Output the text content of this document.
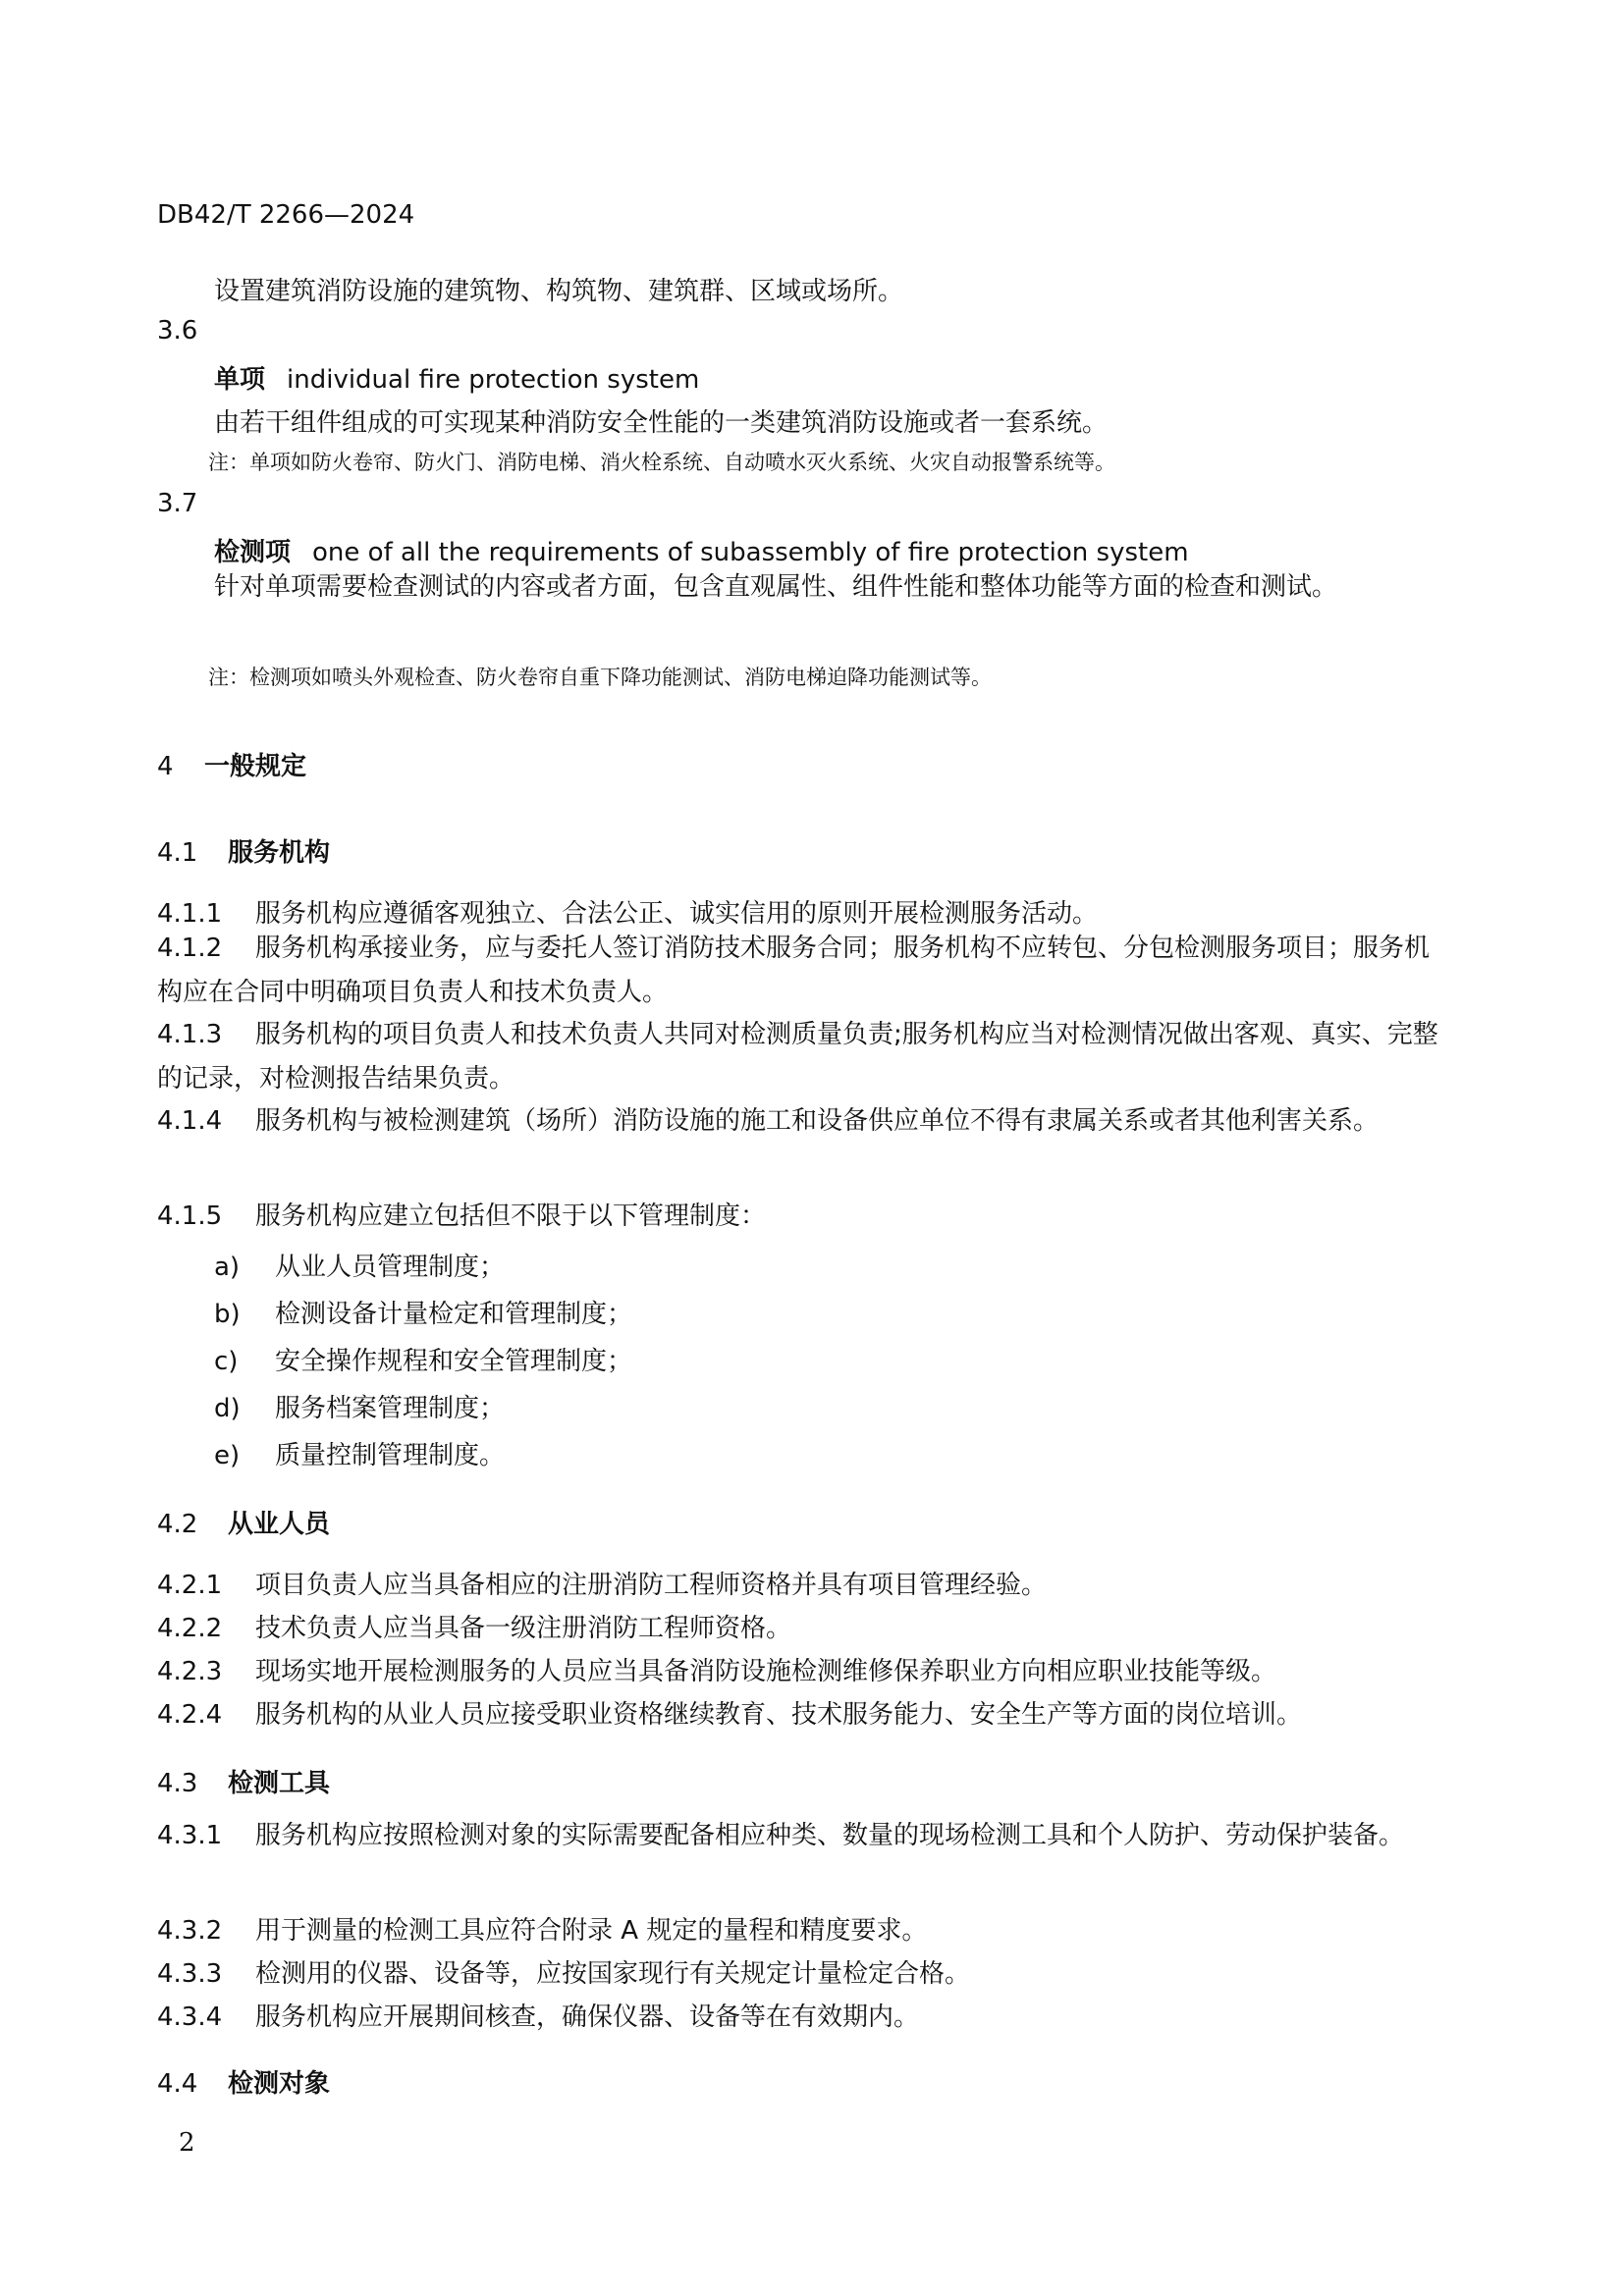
DB42/T 2266—2024
设置建筑消防设施的建筑物、构筑物、建筑群、区域或场所。
3.6
单项 individual fire protection system
由若干组件组成的可实现某种消防安全性能的一类建筑消防设施或者一套系统。
注：单项如防火卷帘、防火门、消防电梯、消火栓系统、自动喷水灭火系统、火灾自动报警系统等。
3.7
检测项 one of all the requirements of subassembly of fire protection system
针对单项需要检查测试的内容或者方面，包含直观属性、组件性能和整体功能等方面的检查和测试。
注：检测项如喷头外观检查、防火卷帘自重下降功能测试、消防电梯迫降功能测试等。
4 一般规定
4.1 服务机构
4.1.1 服务机构应遵循客观独立、合法公正、诚实信用的原则开展检测服务活动。
4.1.2 服务机构承接业务，应与委托人签订消防技术服务合同；服务机构不应转包、分包检测服务项目；服务机构应在合同中明确项目负责人和技术负责人。
4.1.3 服务机构的项目负责人和技术负责人共同对检测质量负责;服务机构应当对检测情况做出客观、真实、完整的记录，对检测报告结果负责。
4.1.4 服务机构与被检测建筑（场所）消防设施的施工和设备供应单位不得有隶属关系或者其他利害关系。
4.1.5 服务机构应建立包括但不限于以下管理制度：
a) 从业人员管理制度；
b) 检测设备计量检定和管理制度；
c) 安全操作规程和安全管理制度；
d) 服务档案管理制度；
e) 质量控制管理制度。
4.2 从业人员
4.2.1 项目负责人应当具备相应的注册消防工程师资格并具有项目管理经验。
4.2.2 技术负责人应当具备一级注册消防工程师资格。
4.2.3 现场实地开展检测服务的人员应当具备消防设施检测维修保养职业方向相应职业技能等级。
4.2.4 服务机构的从业人员应接受职业资格继续教育、技术服务能力、安全生产等方面的岗位培训。
4.3 检测工具
4.3.1 服务机构应按照检测对象的实际需要配备相应种类、数量的现场检测工具和个人防护、劳动保护装备。
4.3.2 用于测量的检测工具应符合附录 A 规定的量程和精度要求。
4.3.3 检测用的仪器、设备等，应按国家现行有关规定计量检定合格。
4.3.4 服务机构应开展期间核查，确保仪器、设备等在有效期内。
4.4 检测对象
2
